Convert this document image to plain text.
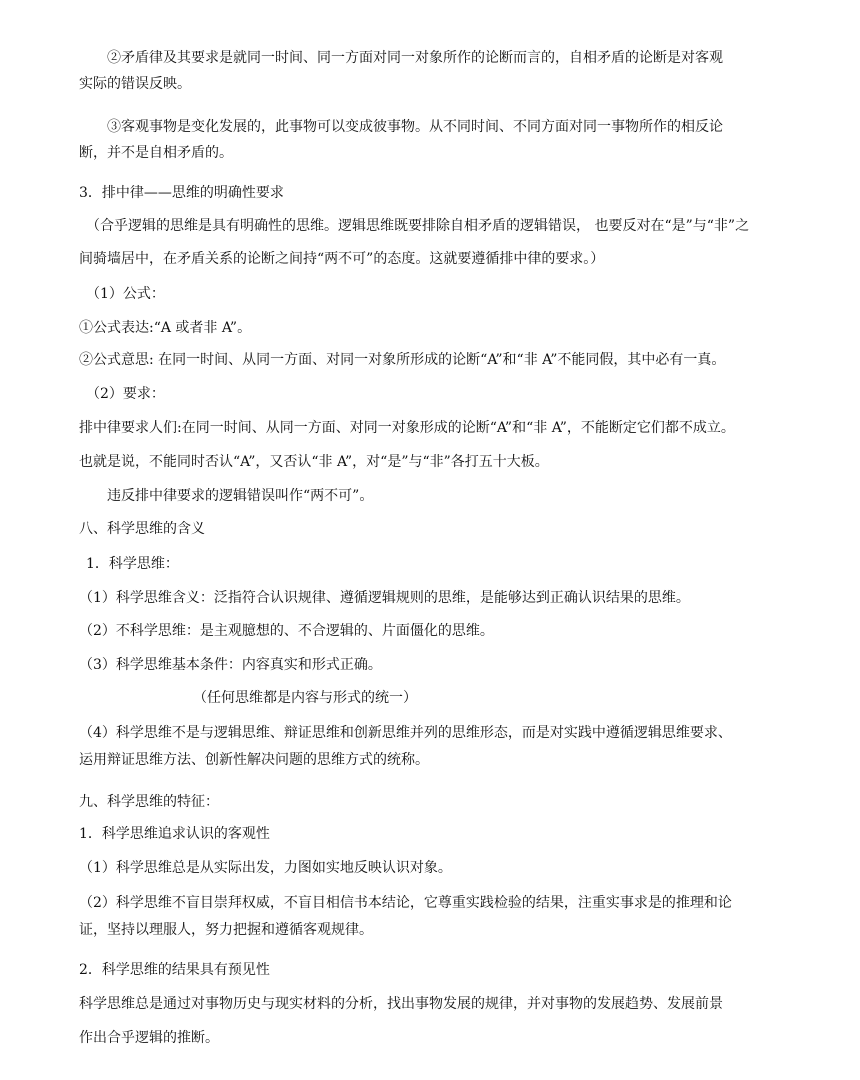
②矛盾律及其要求是就同一时间、同一方面对同一对象所作的论断而言的，自相矛盾的论断是对客观
实际的错误反映。
③客观事物是变化发展的，此事物可以变成彼事物。从不同时间、不同方面对同一事物所作的相反论
断，并不是自相矛盾的。
3．排中律——思维的明确性要求
（合乎逻辑的思维是具有明确性的思维。逻辑思维既要排除自相矛盾的逻辑错误， 也要反对在“是”与“非”之
间骑墙居中，在矛盾关系的论断之间持“两不可”的态度。这就要遵循排中律的要求。）
（1）公式：
①公式表达:“A 或者非 A”。
②公式意思: 在同一时间、从同一方面、对同一对象所形成的论断“A”和“非 A”不能同假，其中必有一真。
（2）要求：
排中律要求人们:在同一时间、从同一方面、对同一对象形成的论断“A”和“非 A”，不能断定它们都不成立。
也就是说，不能同时否认“A”，又否认“非 A”，对“是”与“非”各打五十大板。
违反排中律要求的逻辑错误叫作“两不可”。
八、科学思维的含义
1．科学思维：
（1）科学思维含义：泛指符合认识规律、遵循逻辑规则的思维，是能够达到正确认识结果的思维。
（2）不科学思维：是主观臆想的、不合逻辑的、片面僵化的思维。
（3）科学思维基本条件：内容真实和形式正确。
（任何思维都是内容与形式的统一）
（4）科学思维不是与逻辑思维、辩证思维和创新思维并列的思维形态，而是对实践中遵循逻辑思维要求、
运用辩证思维方法、创新性解决问题的思维方式的统称。
九、科学思维的特征：
1．科学思维追求认识的客观性
（1）科学思维总是从实际出发，力图如实地反映认识对象。
（2）科学思维不盲目崇拜权威，不盲目相信书本结论，它尊重实践检验的结果，注重实事求是的推理和论
证，坚持以理服人，努力把握和遵循客观规律。
2．科学思维的结果具有预见性
科学思维总是通过对事物历史与现实材料的分析，找出事物发展的规律，并对事物的发展趋势、发展前景
作出合乎逻辑的推断。
